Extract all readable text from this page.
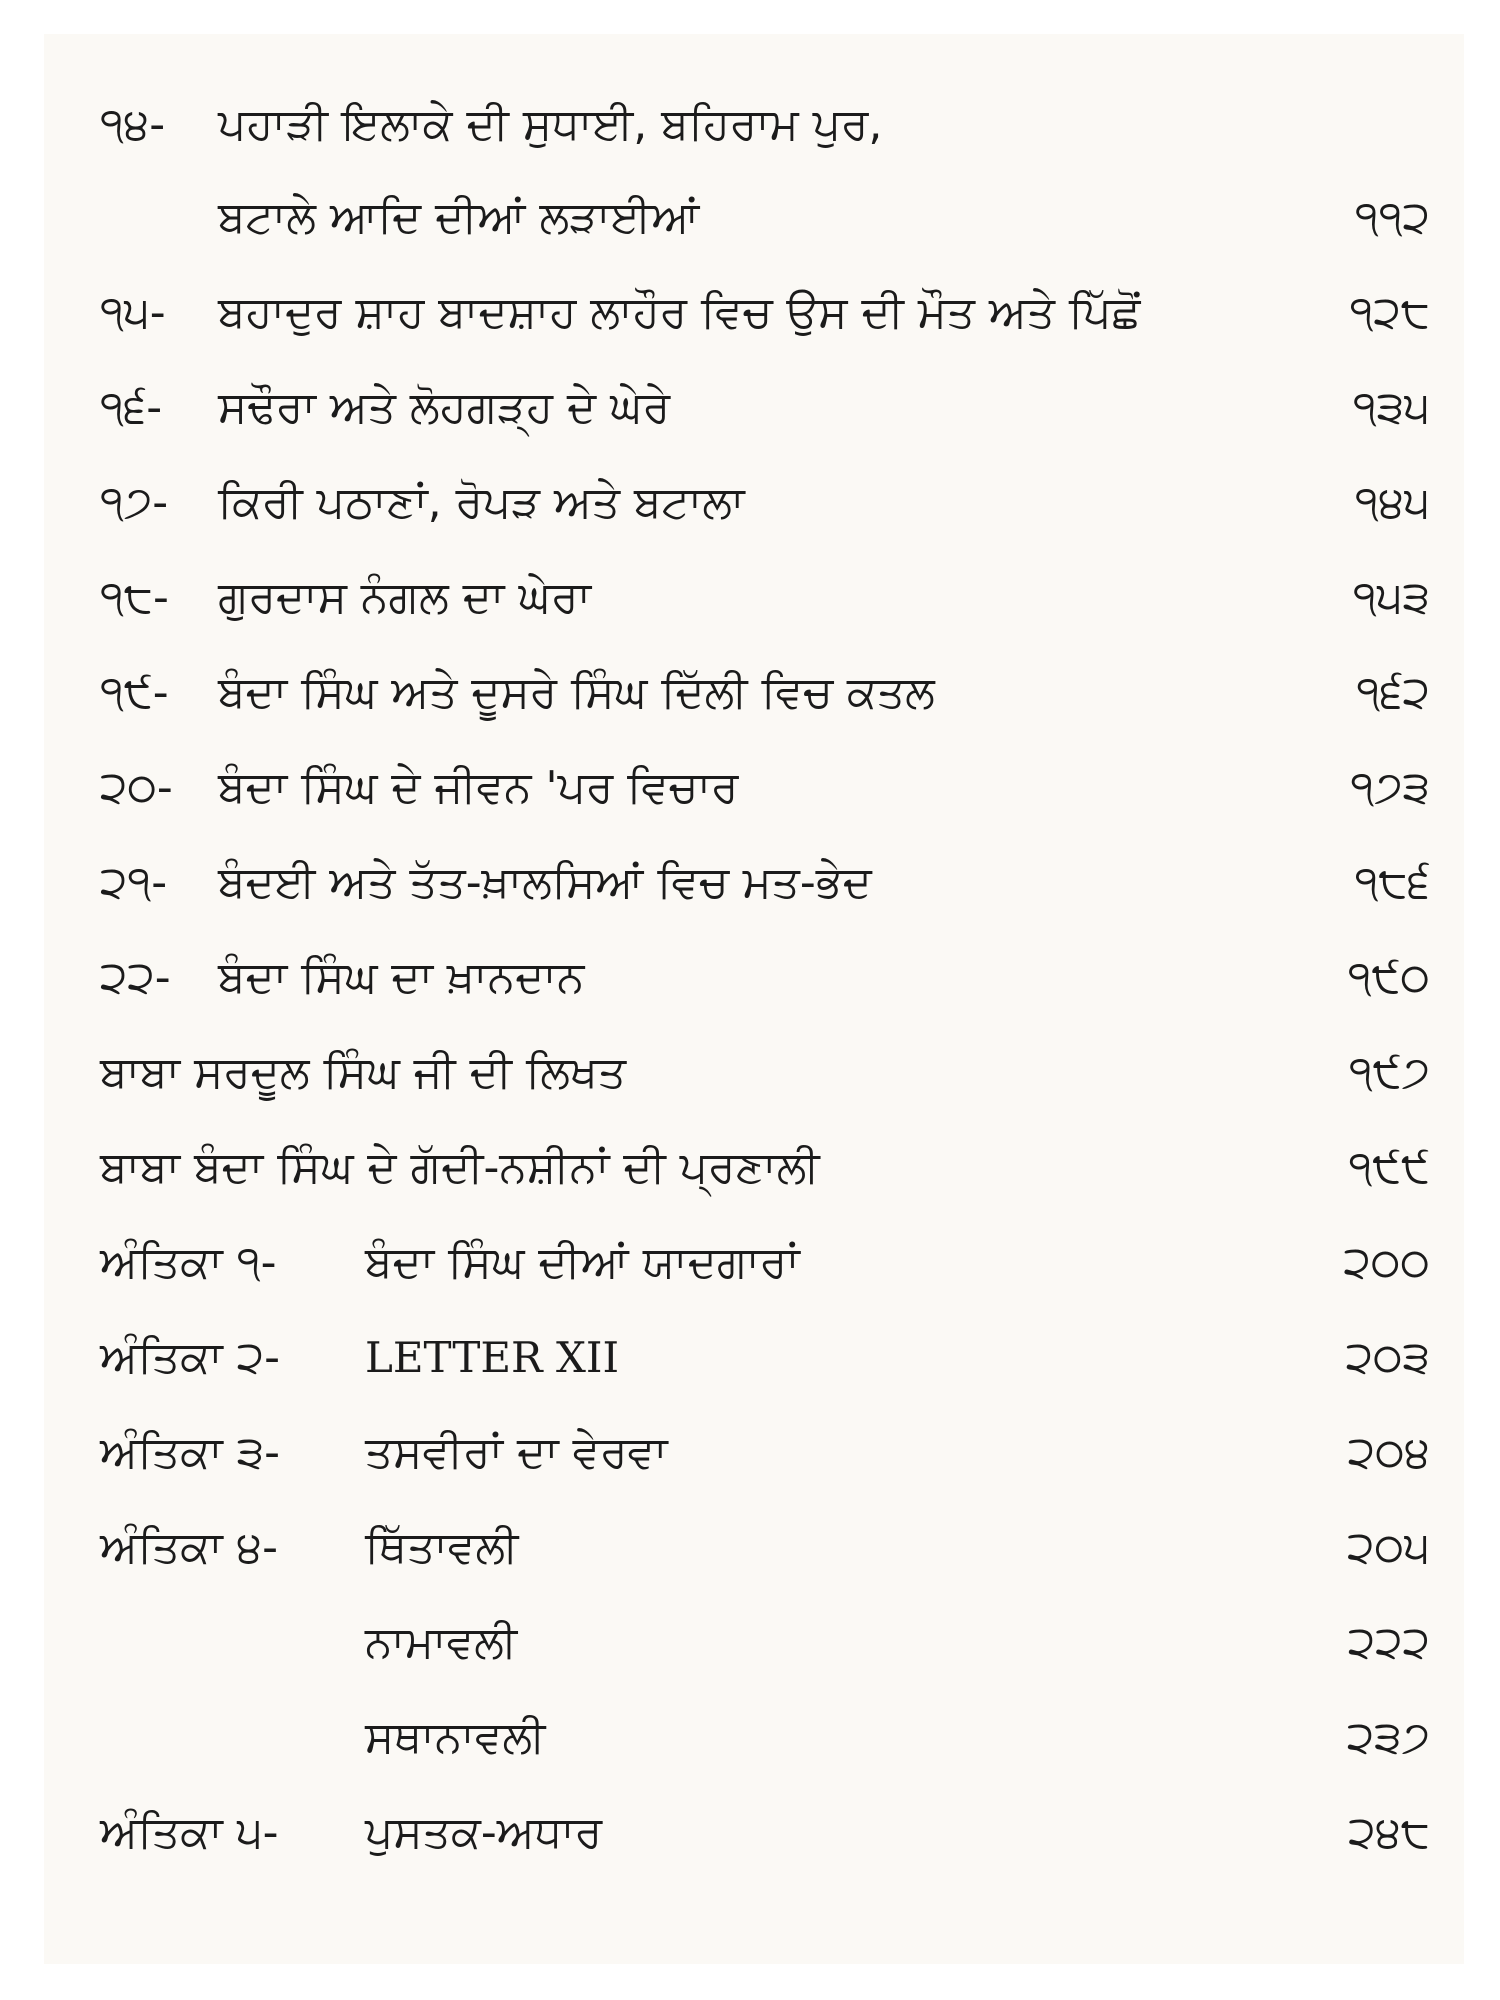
੧੪- ਪਹਾੜੀ ਇਲਾਕੇ ਦੀ ਸੁਧਾਈ, ਬਹਿਰਾਮ ਪੁਰ,
ਬਟਾਲੇ ਆਦਿ ਦੀਆਂ ਲੜਾਈਆਂ	੧੧੨
੧੫- ਬਹਾਦੁਰ ਸ਼ਾਹ ਬਾਦਸ਼ਾਹ ਲਾਹੌਰ ਵਿਚ ਉਸ ਦੀ ਮੌਤ ਅਤੇ ਪਿੱਛੋਂ	੧੨੮
੧੬- ਸਢੌਰਾ ਅਤੇ ਲੋਹਗੜ੍ਹ ਦੇ ਘੇਰੇ	੧੩੫
੧੭- ਕਿਰੀ ਪਠਾਣਾਂ, ਰੋਪੜ ਅਤੇ ਬਟਾਲਾ	੧੪੫
੧੮- ਗੁਰਦਾਸ ਨੰਗਲ ਦਾ ਘੇਰਾ	੧੫੩
੧੯- ਬੰਦਾ ਸਿੰਘ ਅਤੇ ਦੂਸਰੇ ਸਿੰਘ ਦਿੱਲੀ ਵਿਚ ਕਤਲ	੧੬੨
੨੦- ਬੰਦਾ ਸਿੰਘ ਦੇ ਜੀਵਨ 'ਪਰ ਵਿਚਾਰ	੧੭੩
੨੧- ਬੰਦਈ ਅਤੇ ਤੱਤ-ਖ਼ਾਲਸਿਆਂ ਵਿਚ ਮਤ-ਭੇਦ	੧੮੬
੨੨- ਬੰਦਾ ਸਿੰਘ ਦਾ ਖ਼ਾਨਦਾਨ	੧੯੦
ਬਾਬਾ ਸਰਦੂਲ ਸਿੰਘ ਜੀ ਦੀ ਲਿਖਤ	੧੯੭
ਬਾਬਾ ਬੰਦਾ ਸਿੰਘ ਦੇ ਗੱਦੀ-ਨਸ਼ੀਨਾਂ ਦੀ ਪ੍ਰਣਾਲੀ	੧੯੯
ਅੰਤਿਕਾ ੧- ਬੰਦਾ ਸਿੰਘ ਦੀਆਂ ਯਾਦਗਾਰਾਂ	੨੦੦
ਅੰਤਿਕਾ ੨- LETTER XII	੨੦੩
ਅੰਤਿਕਾ ੩- ਤਸਵੀਰਾਂ ਦਾ ਵੇਰਵਾ	੨੦੪
ਅੰਤਿਕਾ ੪- ਥਿੱਤਾਵਲੀ	੨੦੫
ਨਾਮਾਵਲੀ	੨੨੨
ਸਥਾਨਾਵਲੀ	੨੩੭
ਅੰਤਿਕਾ ੫- ਪੁਸਤਕ-ਅਧਾਰ	੨੪੮
